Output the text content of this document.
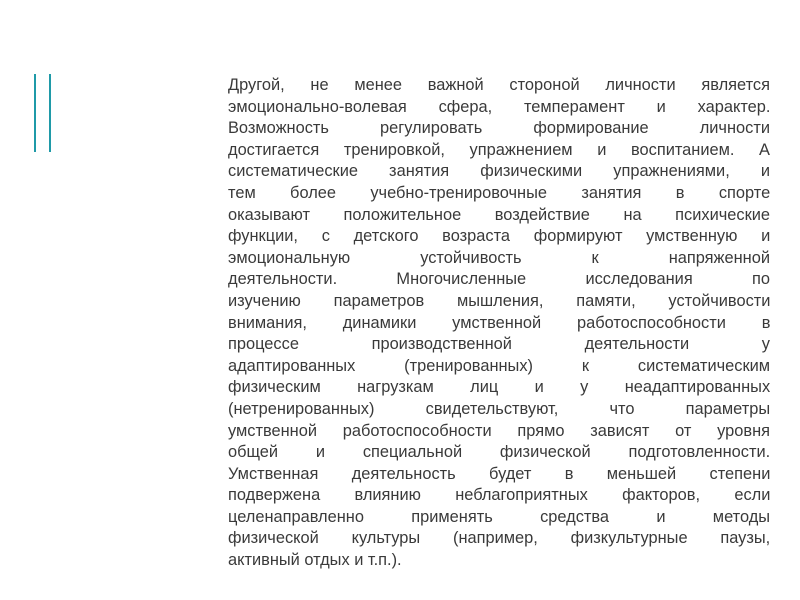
Другой, не менее важной стороной личности является
эмоционально-волевая сфера, темперамент и характер.
Возможность регулировать формирование личности
достигается тренировкой, упражнением и воспитанием. А
систематические занятия физическими упражнениями, и
тем более учебно-тренировочные занятия в спорте
оказывают положительное воздействие на психические
функции, с детского возраста формируют умственную и
эмоциональную устойчивость к напряженной
деятельности. Многочисленные исследования по
изучению параметров мышления, памяти, устойчивости
внимания, динамики умственной работоспособности в
процессе производственной деятельности у
адаптированных (тренированных) к систематическим
физическим нагрузкам лиц и у неадаптированных
(нетренированных) свидетельствуют, что параметры
умственной работоспособности прямо зависят от уровня
общей и специальной физической подготовленности.
Умственная деятельность будет в меньшей степени
подвержена влиянию неблагоприятных факторов, если
целенаправленно применять средства и методы
физической культуры (например, физкультурные паузы,
активный отдых и т.п.).
